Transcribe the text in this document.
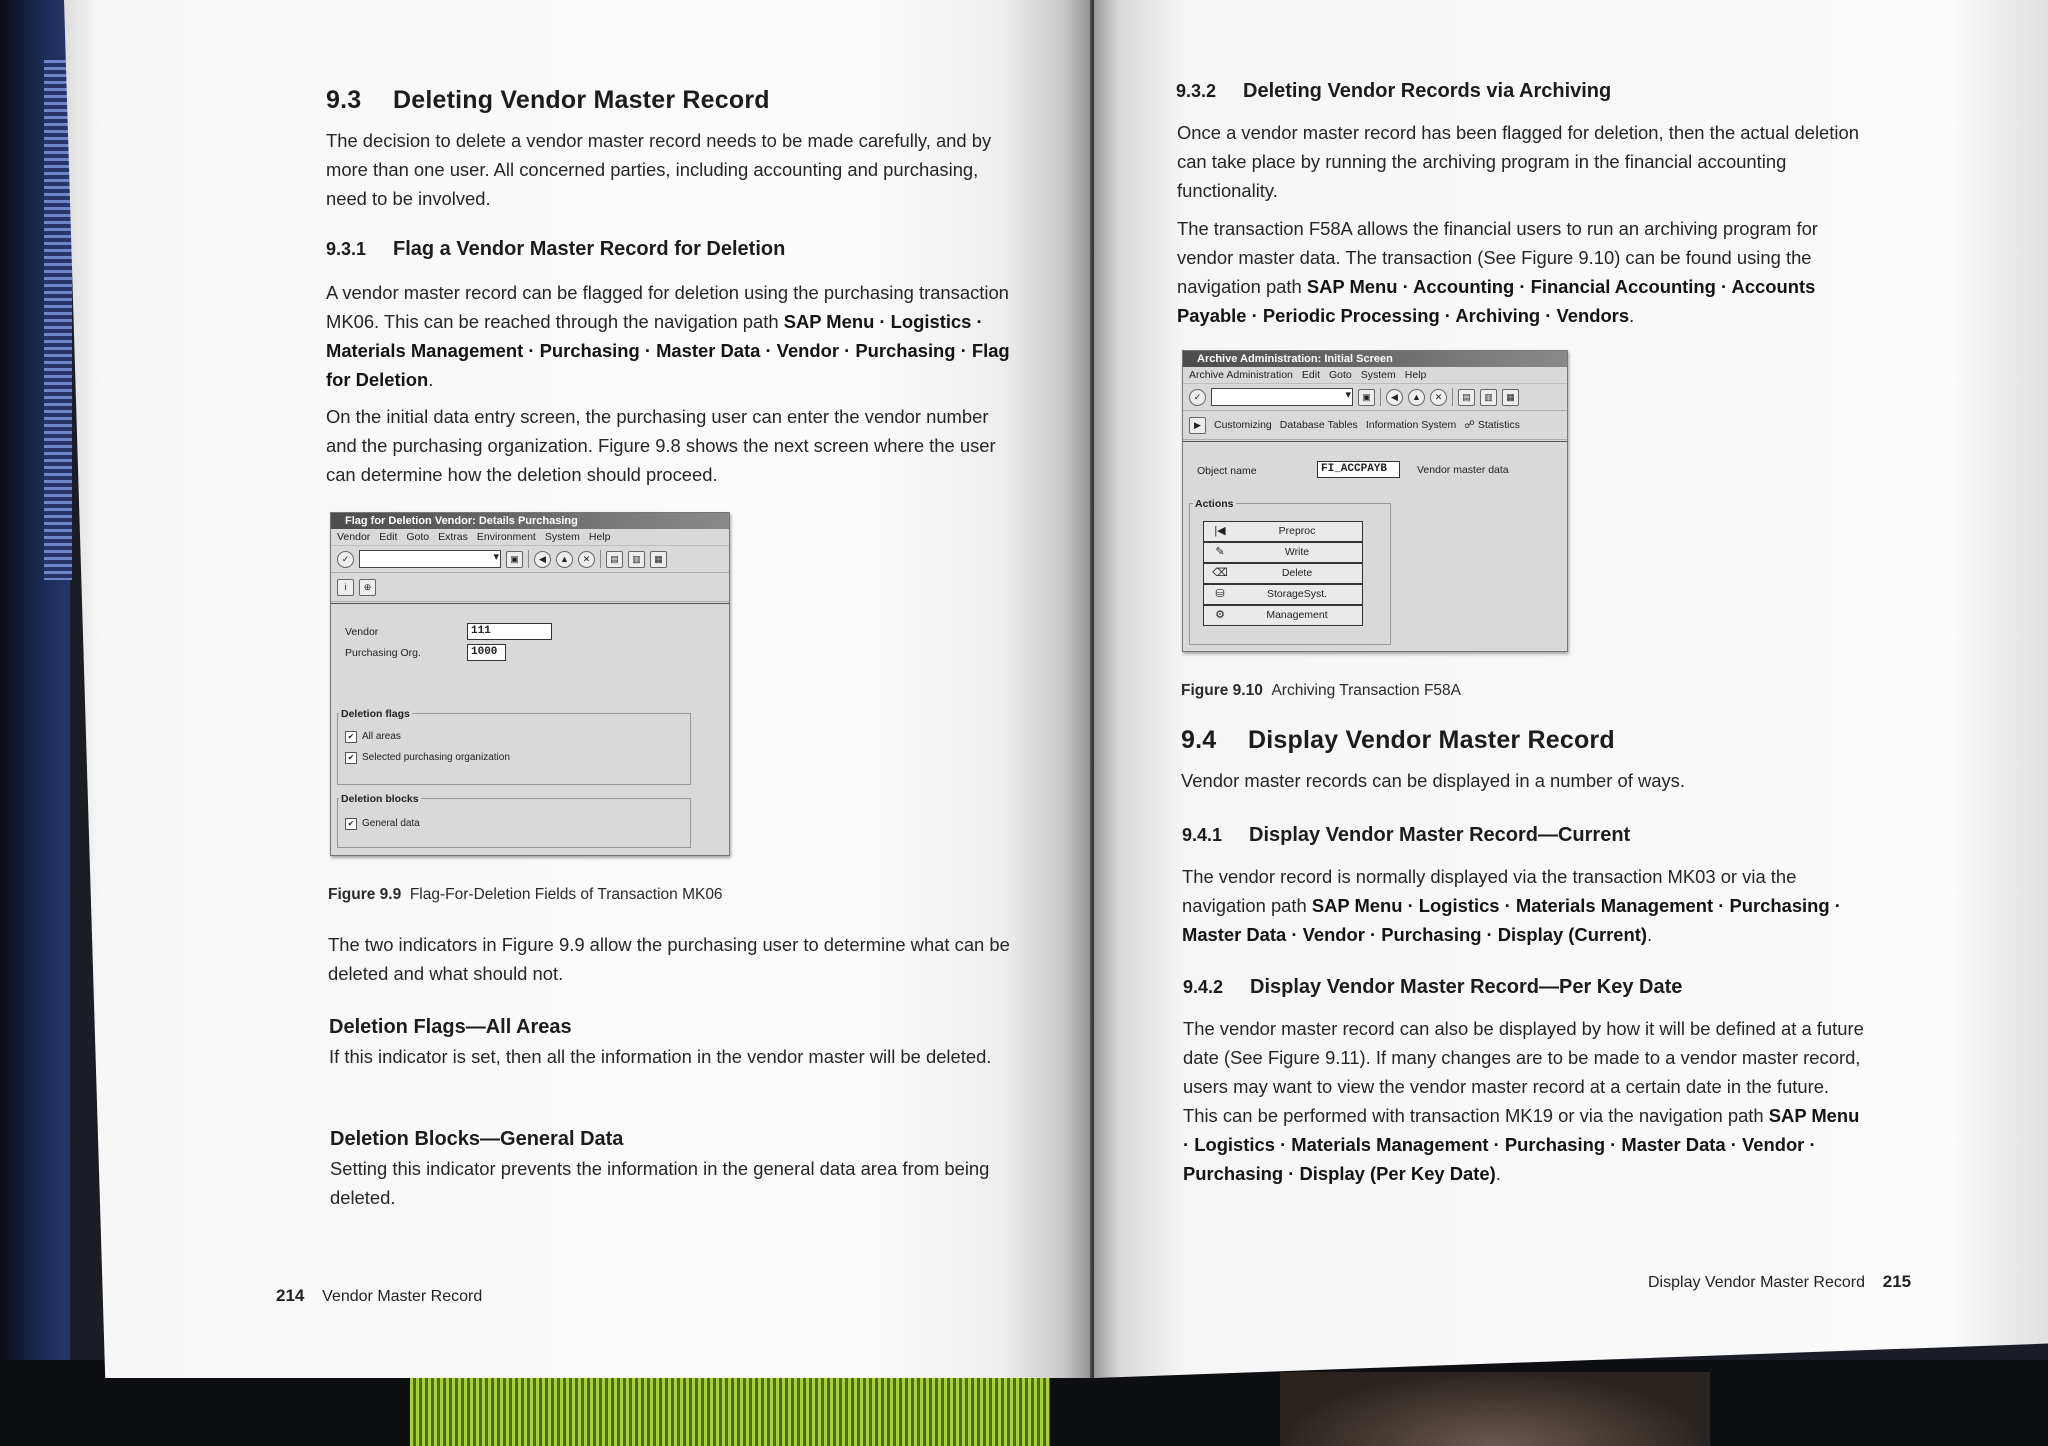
9.3 Deleting Vendor Master Record

The decision to delete a vendor master record needs to be made carefully, and by more than one user. All concerned parties, including accounting and purchasing, need to be involved.

9.3.1 Flag a Vendor Master Record for Deletion

A vendor master record can be flagged for deletion using the purchasing transaction MK06. This can be reached through the navigation path SAP Menu · Logistics · Materials Management · Purchasing · Master Data · Vendor · Purchasing · Flag for Deletion.

On the initial data entry screen, the purchasing user can enter the vendor number and the purchasing organization. Figure 9.8 shows the next screen where the user can determine how the deletion should proceed.

Flag for Deletion Vendor: Details Purchasing
Vendor Edit Goto Extras Environment System Help
✓ ▾	▣	◀	▲	✕	▤	▥	▦
i	⊕
Vendor	111
Purchasing Org.	1000
Deletion flags
✔ All areas
✔ Selected purchasing organization
Deletion blocks
✔ General data
Figure 9.9 Flag-For-Deletion Fields of Transaction MK06

The two indicators in Figure 9.9 allow the purchasing user to determine what can be deleted and what should not.

Deletion Flags—All Areas

If this indicator is set, then all the information in the vendor master will be deleted.

Deletion Blocks—General Data

Setting this indicator prevents the information in the general data area from being deleted.

214 Vendor Master Record
9.3.2 Deleting Vendor Records via Archiving

Once a vendor master record has been flagged for deletion, then the actual deletion can take place by running the archiving program in the financial accounting functionality.

The transaction F58A allows the financial users to run an archiving program for vendor master data. The transaction (See Figure 9.10) can be found using the navigation path SAP Menu · Accounting · Financial Accounting · Accounts Payable · Periodic Processing · Archiving · Vendors.

Archive Administration: Initial Screen
Archive Administration Edit Goto System Help
✓ ▾	▣	◀	▲	✕	▤	▥	▦
▶	Customizing Database Tables Information System ☍ Statistics
Object name	FI_ACCPAYB	Vendor master data
Actions
|◀	Preproc
✎	Write
⌫	Delete
⛁	StorageSyst.
⚙	Management
Figure 9.10 Archiving Transaction F58A
9.4 Display Vendor Master Record

Vendor master records can be displayed in a number of ways.

9.4.1 Display Vendor Master Record—Current

The vendor record is normally displayed via the transaction MK03 or via the navigation path SAP Menu · Logistics · Materials Management · Purchasing · Master Data · Vendor · Purchasing · Display (Current).

9.4.2 Display Vendor Master Record—Per Key Date

The vendor master record can also be displayed by how it will be defined at a future date (See Figure 9.11). If many changes are to be made to a vendor master record, users may want to view the vendor master record at a certain date in the future. This can be performed with transaction MK19 or via the navigation path SAP Menu · Logistics · Materials Management · Purchasing · Master Data · Vendor · Purchasing · Display (Per Key Date).

Display Vendor Master Record 215
